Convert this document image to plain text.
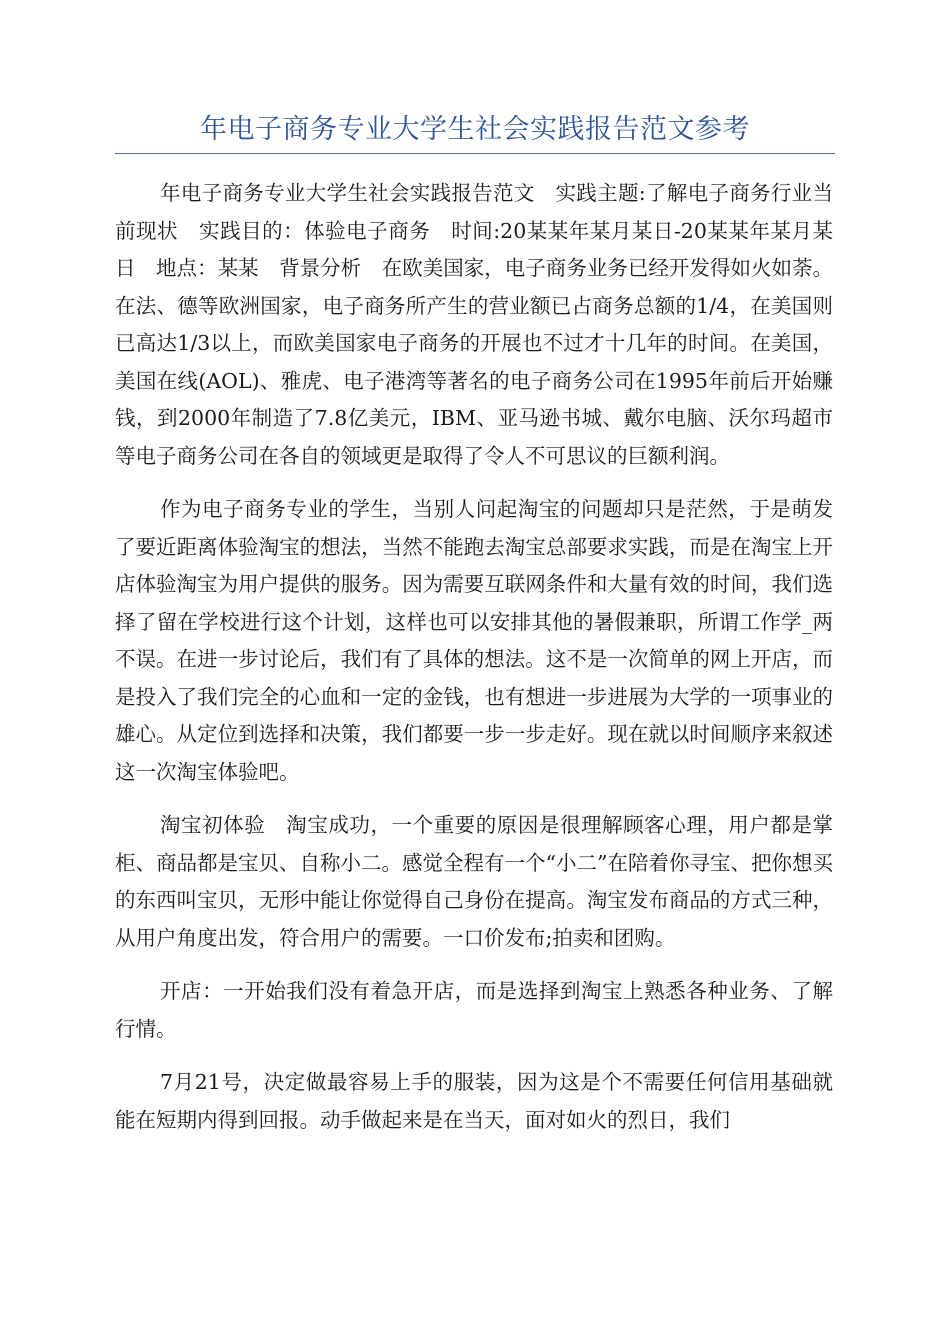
年电子商务专业大学生社会实践报告范文参考

年电子商务专业大学生社会实践报告范文　实践主题:了解电子商务行业当前现状　实践目的：体验电子商务　时间:20某某年某月某日-20某某年某月某日　地点：某某　背景分析　在欧美国家，电子商务业务已经开发得如火如荼。在法、德等欧洲国家，电子商务所产生的营业额已占商务总额的1/4，在美国则已高达1/3以上，而欧美国家电子商务的开展也不过才十几年的时间。在美国，美国在线(AOL)、雅虎、电子港湾等著名的电子商务公司在1995年前后开始赚钱，到2000年制造了7.8亿美元，IBM、亚马逊书城、戴尔电脑、沃尔玛超市等电子商务公司在各自的领域更是取得了令人不可思议的巨额利润。

作为电子商务专业的学生，当别人问起淘宝的问题却只是茫然，于是萌发了要近距离体验淘宝的想法，当然不能跑去淘宝总部要求实践，而是在淘宝上开店体验淘宝为用户提供的服务。因为需要互联网条件和大量有效的时间，我们选择了留在学校进行这个计划，这样也可以安排其他的暑假兼职，所谓工作学_两不误。在进一步讨论后，我们有了具体的想法。这不是一次简单的网上开店，而是投入了我们完全的心血和一定的金钱，也有想进一步进展为大学的一项事业的雄心。从定位到选择和决策，我们都要一步一步走好。现在就以时间顺序来叙述这一次淘宝体验吧。

淘宝初体验　淘宝成功，一个重要的原因是很理解顾客心理，用户都是掌柜、商品都是宝贝、自称小二。感觉全程有一个“小二”在陪着你寻宝、把你想买的东西叫宝贝，无形中能让你觉得自己身份在提高。淘宝发布商品的方式三种，从用户角度出发，符合用户的需要。一口价发布;拍卖和团购。

开店：一开始我们没有着急开店，而是选择到淘宝上熟悉各种业务、了解行情。

7月21号，决定做最容易上手的服装，因为这是个不需要任何信用基础就能在短期内得到回报。动手做起来是在当天，面对如火的烈日，我们
